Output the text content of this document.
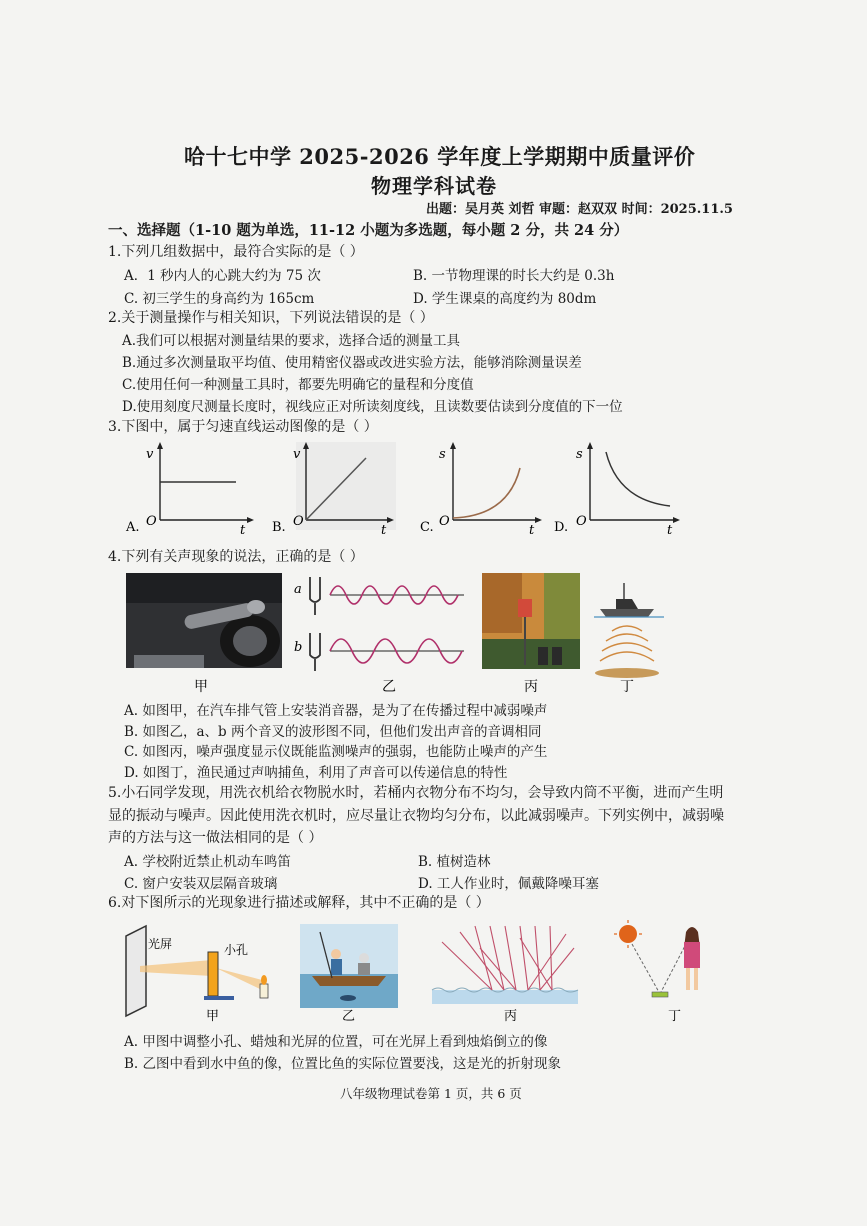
哈十七中学 2025-2026 学年度上学期期中质量评价
物理学科试卷
出题：吴月英 刘哲 审题：赵双双 时间：2025.11.5
一、选择题（1-10 题为单选，11-12 小题为多选题，每小题 2 分，共 24 分）
1.下列几组数据中，最符合实际的是（ ）
A．1 秒内人的心跳大约为 75 次	B. 一节物理课的时长大约是 0.3h
C. 初三学生的身高约为 165cm	D. 学生课桌的高度约为 80dm
2.关于测量操作与相关知识，下列说法错误的是（ ）
A.我们可以根据对测量结果的要求，选择合适的测量工具
B.通过多次测量取平均值、使用精密仪器或改进实验方法，能够消除测量误差
C.使用任何一种测量工具时，都要先明确它的量程和分度值
D.使用刻度尺测量长度时，视线应正对所读刻度线，且读数要估读到分度值的下一位
3.下图中，属于匀速直线运动图像的是（ ）
A.
v
t
O	B.
v
t
O	C.
s
t
O	D.
s
t
O
4.下列有关声现象的说法，正确的是（ ）
甲
a
b
乙	丙	丁
A. 如图甲，在汽车排气管上安装消音器，是为了在传播过程中减弱噪声
B. 如图乙，a、b 两个音叉的波形图不同，但他们发出声音的音调相同
C. 如图丙，噪声强度显示仪既能监测噪声的强弱，也能防止噪声的产生
D. 如图丁，渔民通过声呐捕鱼，利用了声音可以传递信息的特性
5.小石同学发现，用洗衣机给衣物脱水时，若桶内衣物分布不均匀，会导致内筒不平衡，进而产生明
显的振动与噪声。因此使用洗衣机时，应尽量让衣物均匀分布，以此减弱噪声。下列实例中，减弱噪
声的方法与这一做法相同的是（ ）
A. 学校附近禁止机动车鸣笛	B. 植树造林
C. 窗户安装双层隔音玻璃	D. 工人作业时，佩戴降噪耳塞
6.对下图所示的光现象进行描述或解释，其中不正确的是（ ）
光屏	小孔
甲	乙	丙	丁
A. 甲图中调整小孔、蜡烛和光屏的位置，可在光屏上看到烛焰倒立的像
B. 乙图中看到水中鱼的像，位置比鱼的实际位置要浅，这是光的折射现象
八年级物理试卷第 1 页，共 6 页
